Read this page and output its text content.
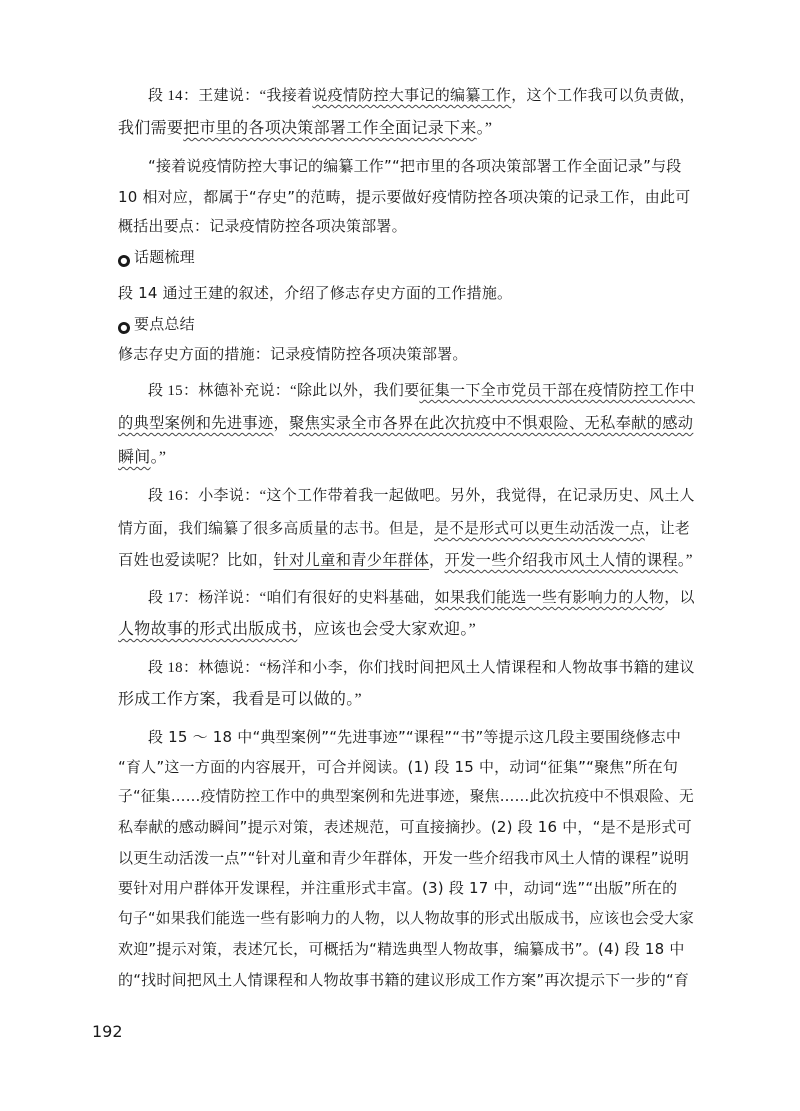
段 14：王建说：“我接着说疫情防控大事记的编纂工作，这个工作我可以负责做，
我们需要把市里的各项决策部署工作全面记录下来。”
“接着说疫情防控大事记的编纂工作”“把市里的各项决策部署工作全面记录”与段
10 相对应，都属于“存史”的范畴，提示要做好疫情防控各项决策的记录工作，由此可
概括出要点：记录疫情防控各项决策部署。
● 话题梳理
段 14 通过王建的叙述，介绍了修志存史方面的工作措施。
● 要点总结
修志存史方面的措施：记录疫情防控各项决策部署。
段 15：林德补充说：“除此以外，我们要征集一下全市党员干部在疫情防控工作中
的典型案例和先进事迹，聚焦实录全市各界在此次抗疫中不惧艰险、无私奉献的感动
瞬间。”
段 16：小李说：“这个工作带着我一起做吧。另外，我觉得，在记录历史、风土人
情方面，我们编纂了很多高质量的志书。但是，是不是形式可以更生动活泼一点，让老
百姓也爱读呢？比如，针对儿童和青少年群体，开发一些介绍我市风土人情的课程。”
段 17：杨洋说：“咱们有很好的史料基础，如果我们能选一些有影响力的人物，以
人物故事的形式出版成书，应该也会受大家欢迎。”
段 18：林德说：“杨洋和小李，你们找时间把风土人情课程和人物故事书籍的建议
形成工作方案，我看是可以做的。”
段 15 ～ 18 中“典型案例”“先进事迹”“课程”“书”等提示这几段主要围绕修志中
“育人”这一方面的内容展开，可合并阅读。(1) 段 15 中，动词“征集”“聚焦”所在句
子“征集……疫情防控工作中的典型案例和先进事迹，聚焦……此次抗疫中不惧艰险、无
私奉献的感动瞬间”提示对策，表述规范，可直接摘抄。(2) 段 16 中，“是不是形式可
以更生动活泼一点”“针对儿童和青少年群体，开发一些介绍我市风土人情的课程”说明
要针对用户群体开发课程，并注重形式丰富。(3) 段 17 中，动词“选”“出版”所在的
句子“如果我们能选一些有影响力的人物，以人物故事的形式出版成书，应该也会受大家
欢迎”提示对策，表述冗长，可概括为“精选典型人物故事，编纂成书”。(4) 段 18 中
的“找时间把风土人情课程和人物故事书籍的建议形成工作方案”再次提示下一步的“育
192
